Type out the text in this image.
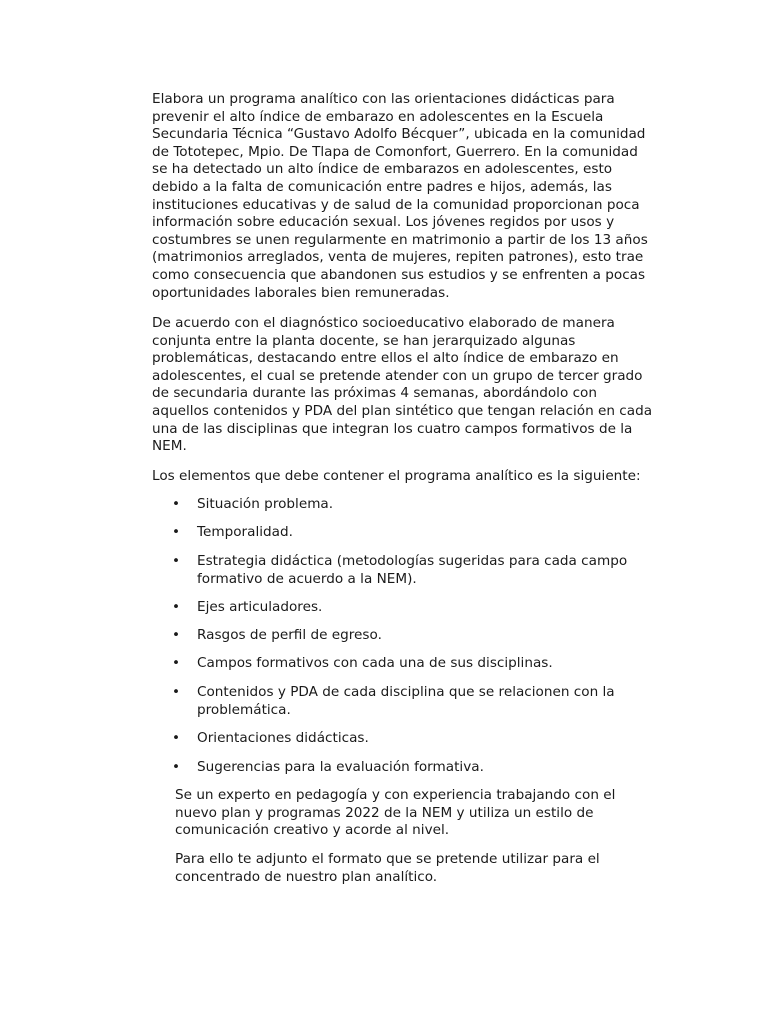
Elabora un programa analítico con las orientaciones didácticas para
prevenir el alto índice de embarazo en adolescentes en la Escuela
Secundaria Técnica “Gustavo Adolfo Bécquer”, ubicada en la comunidad
de Tototepec, Mpio. De Tlapa de Comonfort, Guerrero. En la comunidad
se ha detectado un alto índice de embarazos en adolescentes, esto
debido a la falta de comunicación entre padres e hijos, además, las
instituciones educativas y de salud de la comunidad proporcionan poca
información sobre educación sexual. Los jóvenes regidos por usos y
costumbres se unen regularmente en matrimonio a partir de los 13 años
(matrimonios arreglados, venta de mujeres, repiten patrones), esto trae
como consecuencia que abandonen sus estudios y se enfrenten a pocas
oportunidades laborales bien remuneradas.
De acuerdo con el diagnóstico socioeducativo elaborado de manera
conjunta entre la planta docente, se han jerarquizado algunas
problemáticas, destacando entre ellos el alto índice de embarazo en
adolescentes, el cual se pretende atender con un grupo de tercer grado
de secundaria durante las próximas 4 semanas, abordándolo con
aquellos contenidos y PDA del plan sintético que tengan relación en cada
una de las disciplinas que integran los cuatro campos formativos de la
NEM.
Los elementos que debe contener el programa analítico es la siguiente:
• Situación problema.
• Temporalidad.
• Estrategia didáctica (metodologías sugeridas para cada campo
formativo de acuerdo a la NEM).
• Ejes articuladores.
• Rasgos de perfil de egreso.
• Campos formativos con cada una de sus disciplinas.
• Contenidos y PDA de cada disciplina que se relacionen con la
problemática.
• Orientaciones didácticas.
• Sugerencias para la evaluación formativa.
Se un experto en pedagogía y con experiencia trabajando con el
nuevo plan y programas 2022 de la NEM y utiliza un estilo de
comunicación creativo y acorde al nivel.
Para ello te adjunto el formato que se pretende utilizar para el
concentrado de nuestro plan analítico.
